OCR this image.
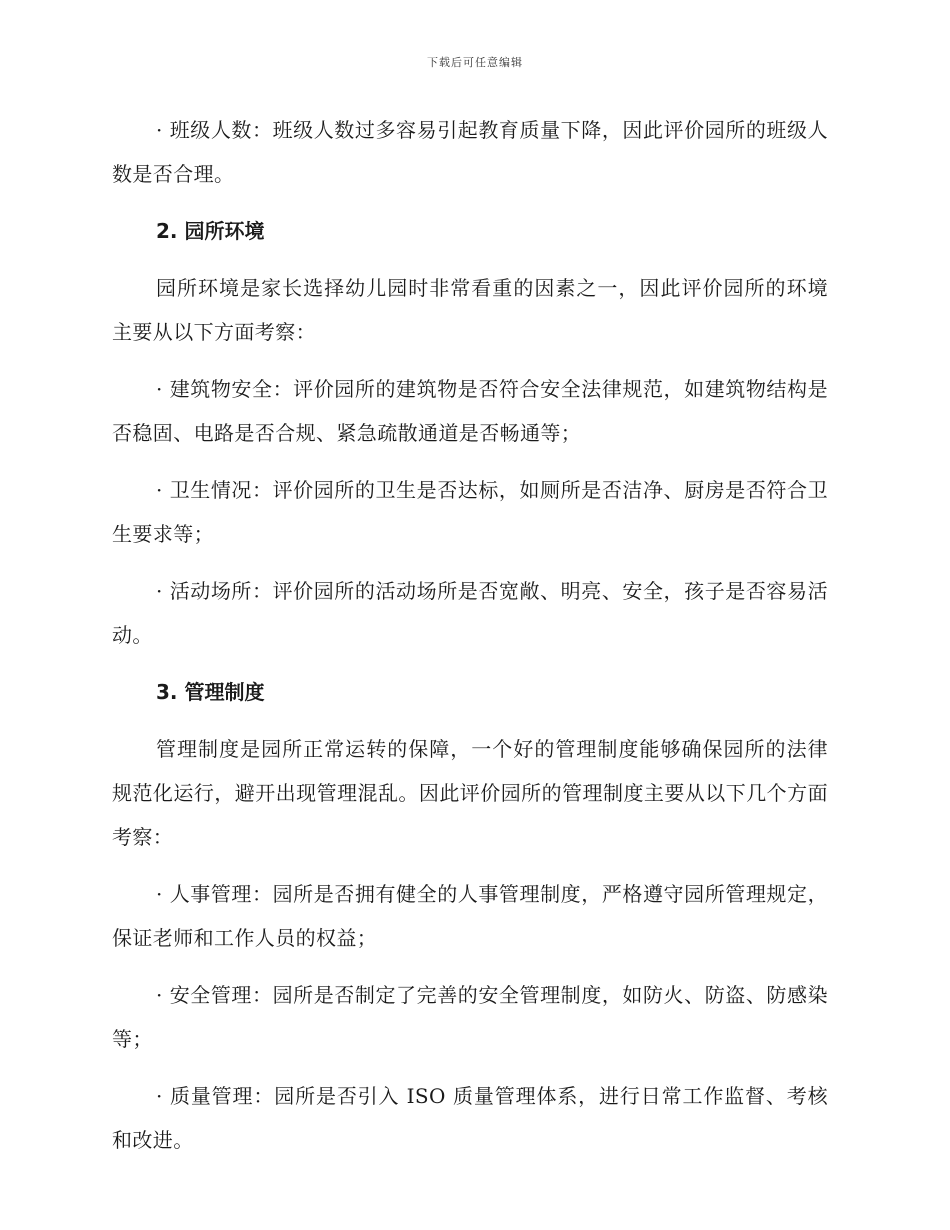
下载后可任意编辑

· 班级人数：班级人数过多容易引起教育质量下降，因此评价园所的班级人数是否合理。

2. 园所环境

园所环境是家长选择幼儿园时非常看重的因素之一，因此评价园所的环境主要从以下方面考察：

· 建筑物安全：评价园所的建筑物是否符合安全法律规范，如建筑物结构是否稳固、电路是否合规、紧急疏散通道是否畅通等；

· 卫生情况：评价园所的卫生是否达标，如厕所是否洁净、厨房是否符合卫生要求等；

· 活动场所：评价园所的活动场所是否宽敞、明亮、安全，孩子是否容易活动。

3. 管理制度

管理制度是园所正常运转的保障，一个好的管理制度能够确保园所的法律规范化运行，避开出现管理混乱。因此评价园所的管理制度主要从以下几个方面考察：

· 人事管理：园所是否拥有健全的人事管理制度，严格遵守园所管理规定，保证老师和工作人员的权益；

· 安全管理：园所是否制定了完善的安全管理制度，如防火、防盗、防感染等；

· 质量管理：园所是否引入 ISO 质量管理体系，进行日常工作监督、考核和改进。
